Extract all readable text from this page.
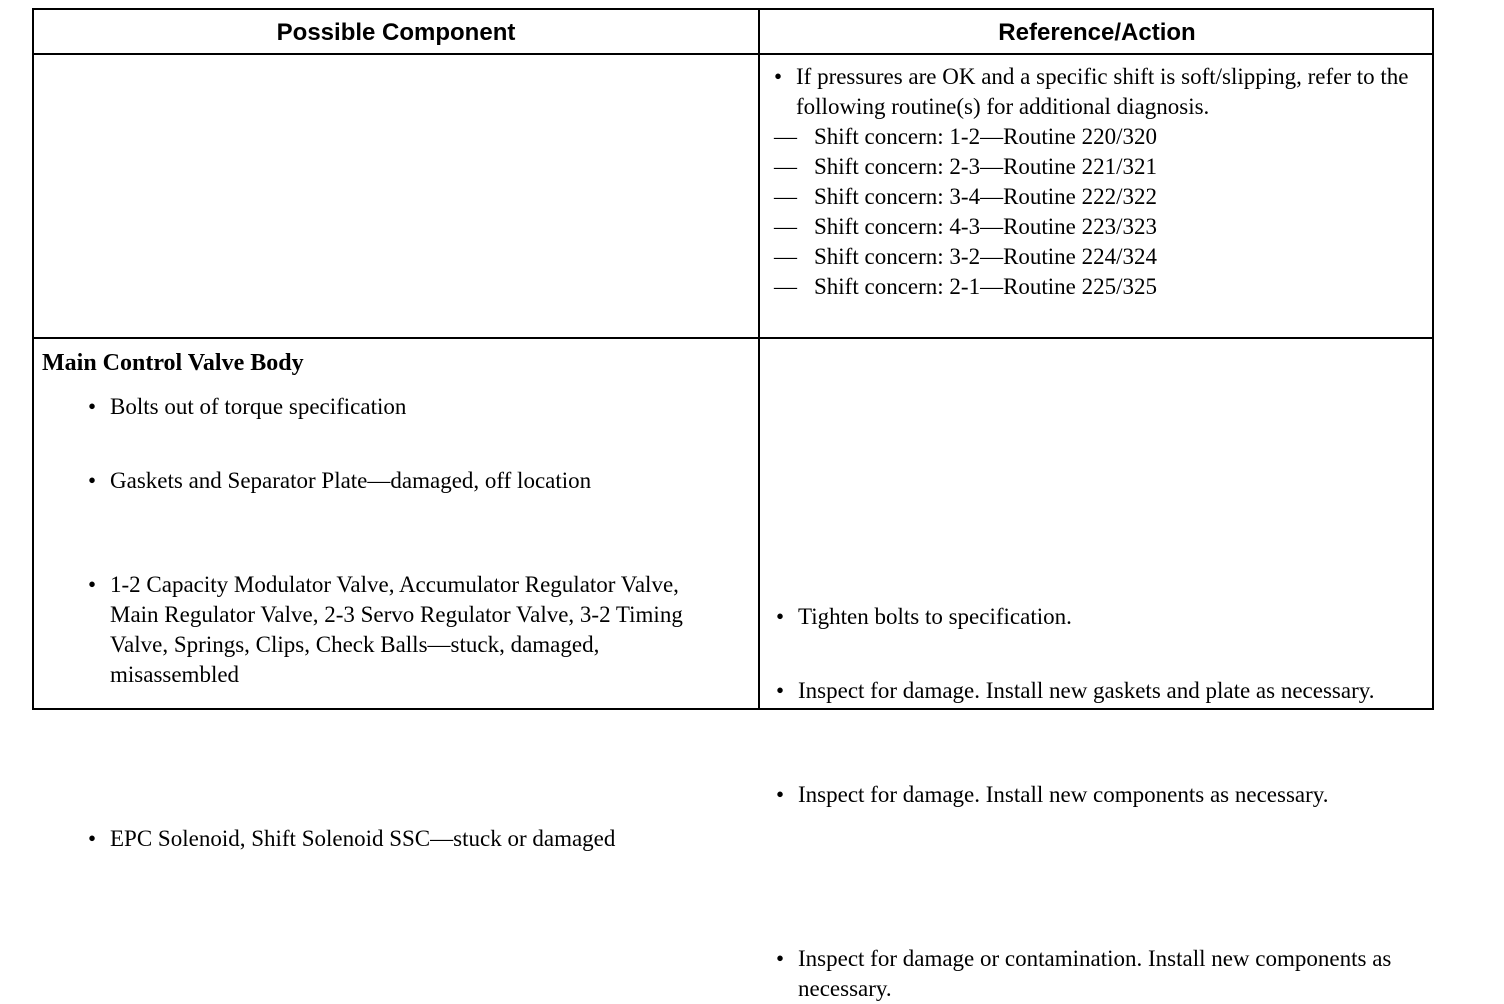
Possible Component	Reference/Action
• If pressures are OK and a specific shift is soft/slipping, refer to the following routine(s) for additional diagnosis.
— Shift concern: 1-2—Routine 220/320
— Shift concern: 2-3—Routine 221/321
— Shift concern: 3-4—Routine 222/322
— Shift concern: 4-3—Routine 223/323
— Shift concern: 3-2—Routine 224/324
— Shift concern: 2-1—Routine 225/325
Main Control Valve Body
• Bolts out of torque specification
• Gaskets and Separator Plate—damaged, off location
• 1-2 Capacity Modulator Valve, Accumulator Regulator Valve, Main Regulator Valve, 2-3 Servo Regulator Valve, 3-2 Timing Valve, Springs, Clips, Check Balls—stuck, damaged, misassembled
• EPC Solenoid, Shift Solenoid SSC—stuck or damaged
• Tighten bolts to specification.
• Inspect for damage. Install new gaskets and plate as necessary.
• Inspect for damage. Install new components as necessary.
• Inspect for damage or contamination. Install new components as necessary.
